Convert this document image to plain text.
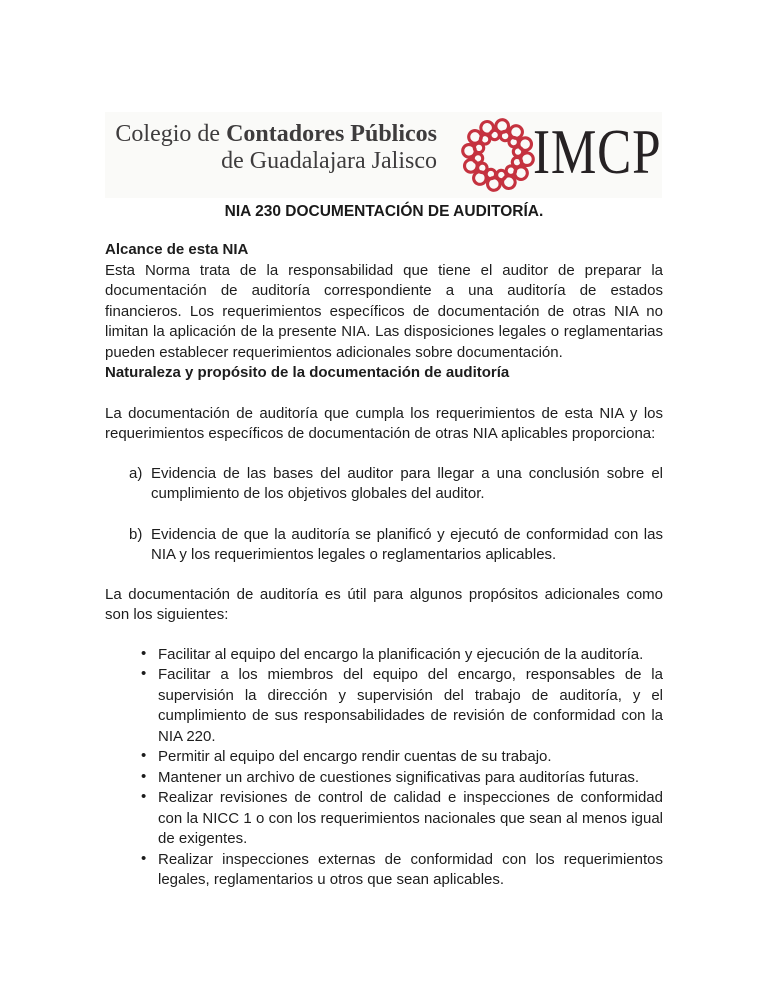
Colegio de Contadores Públicos
de Guadalajara Jalisco IMCP
NIA 230 DOCUMENTACIÓN DE AUDITORÍA.
Alcance de esta NIA

Esta Norma trata de la responsabilidad que tiene el auditor de preparar la documentación de auditoría correspondiente a una auditoría de estados financieros. Los requerimientos específicos de documentación de otras NIA no limitan la aplicación de la presente NIA. Las disposiciones legales o reglamentarias pueden establecer requerimientos adicionales sobre documentación.

Naturaleza y propósito de la documentación de auditoría

La documentación de auditoría que cumpla los requerimientos de esta NIA y los requerimientos específicos de documentación de otras NIA aplicables proporciona:

a) Evidencia de las bases del auditor para llegar a una conclusión sobre el cumplimiento de los objetivos globales del auditor.
b) Evidencia de que la auditoría se planificó y ejecutó de conformidad con las NIA y los requerimientos legales o reglamentarios aplicables.

La documentación de auditoría es útil para algunos propósitos adicionales como son los siguientes:

• Facilitar al equipo del encargo la planificación y ejecución de la auditoría.
• Facilitar a los miembros del equipo del encargo, responsables de la supervisión la dirección y supervisión del trabajo de auditoría, y el cumplimiento de sus responsabilidades de revisión de conformidad con la NIA 220.
• Permitir al equipo del encargo rendir cuentas de su trabajo.
• Mantener un archivo de cuestiones significativas para auditorías futuras.
• Realizar revisiones de control de calidad e inspecciones de conformidad con la NICC 1 o con los requerimientos nacionales que sean al menos igual de exigentes.
• Realizar inspecciones externas de conformidad con los requerimientos legales, reglamentarios u otros que sean aplicables.
